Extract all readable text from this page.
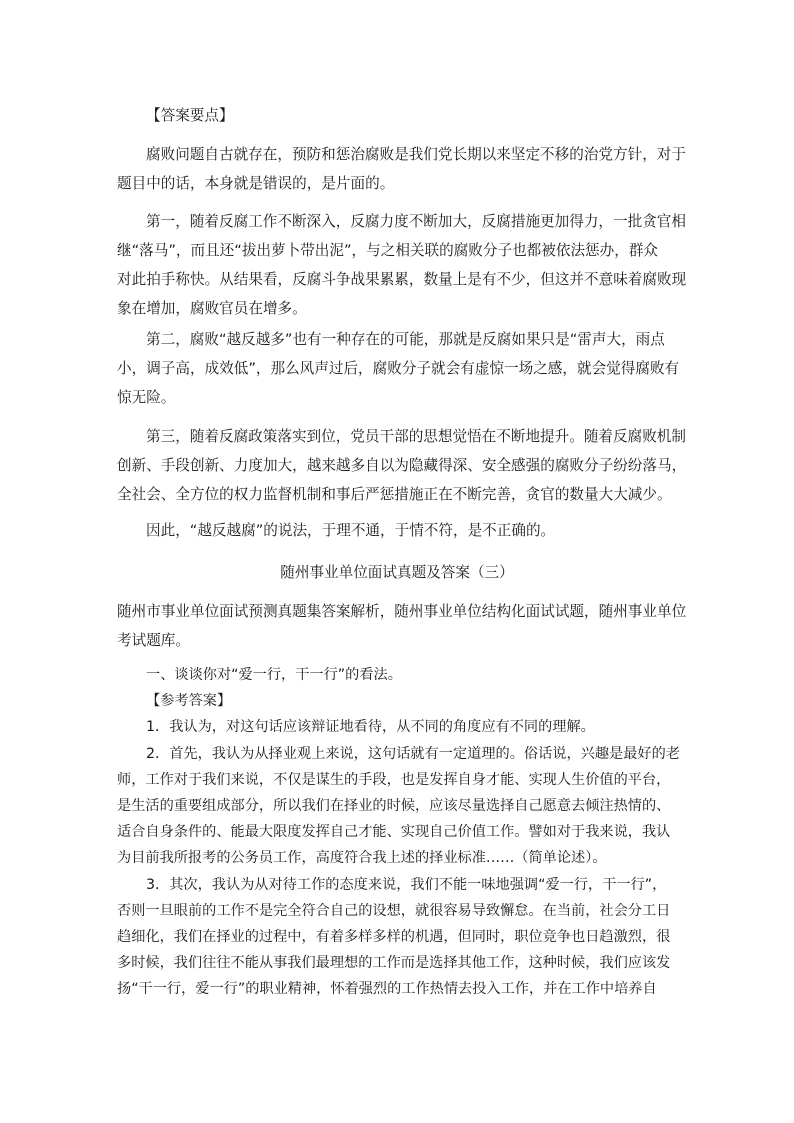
【答案要点】
腐败问题自古就存在，预防和惩治腐败是我们党长期以来坚定不移的治党方针，对于
题目中的话，本身就是错误的，是片面的。
第一，随着反腐工作不断深入，反腐力度不断加大，反腐措施更加得力，一批贪官相
继“落马”，而且还“拔出萝卜带出泥”，与之相关联的腐败分子也都被依法惩办，群众
对此拍手称快。从结果看，反腐斗争战果累累，数量上是有不少，但这并不意味着腐败现
象在增加，腐败官员在增多。
第二，腐败“越反越多”也有一种存在的可能，那就是反腐如果只是“雷声大，雨点
小，调子高，成效低”，那么风声过后，腐败分子就会有虚惊一场之感，就会觉得腐败有
惊无险。
第三，随着反腐政策落实到位，党员干部的思想觉悟在不断地提升。随着反腐败机制
创新、手段创新、力度加大，越来越多自以为隐藏得深、安全感强的腐败分子纷纷落马，
全社会、全方位的权力监督机制和事后严惩措施正在不断完善，贪官的数量大大减少。
因此，“越反越腐”的说法，于理不通，于情不符，是不正确的。
随州事业单位面试真题及答案（三）
随州市事业单位面试预测真题集答案解析，随州事业单位结构化面试试题，随州事业单位
考试题库。
一、谈谈你对“爱一行，干一行”的看法。
【参考答案】
1．我认为，对这句话应该辩证地看待，从不同的角度应有不同的理解。
2．首先，我认为从择业观上来说，这句话就有一定道理的。俗话说，兴趣是最好的老
师，工作对于我们来说，不仅是谋生的手段，也是发挥自身才能、实现人生价值的平台，
是生活的重要组成部分，所以我们在择业的时候，应该尽量选择自己愿意去倾注热情的、
适合自身条件的、能最大限度发挥自己才能、实现自己价值工作。譬如对于我来说，我认
为目前我所报考的公务员工作，高度符合我上述的择业标准……（简单论述）。
3．其次，我认为从对待工作的态度来说，我们不能一味地强调“爱一行，干一行”，
否则一旦眼前的工作不是完全符合自己的设想，就很容易导致懈怠。在当前，社会分工日
趋细化，我们在择业的过程中，有着多样多样的机遇，但同时，职位竞争也日趋激烈，很
多时候，我们往往不能从事我们最理想的工作而是选择其他工作，这种时候，我们应该发
扬“干一行，爱一行”的职业精神，怀着强烈的工作热情去投入工作，并在工作中培养自
